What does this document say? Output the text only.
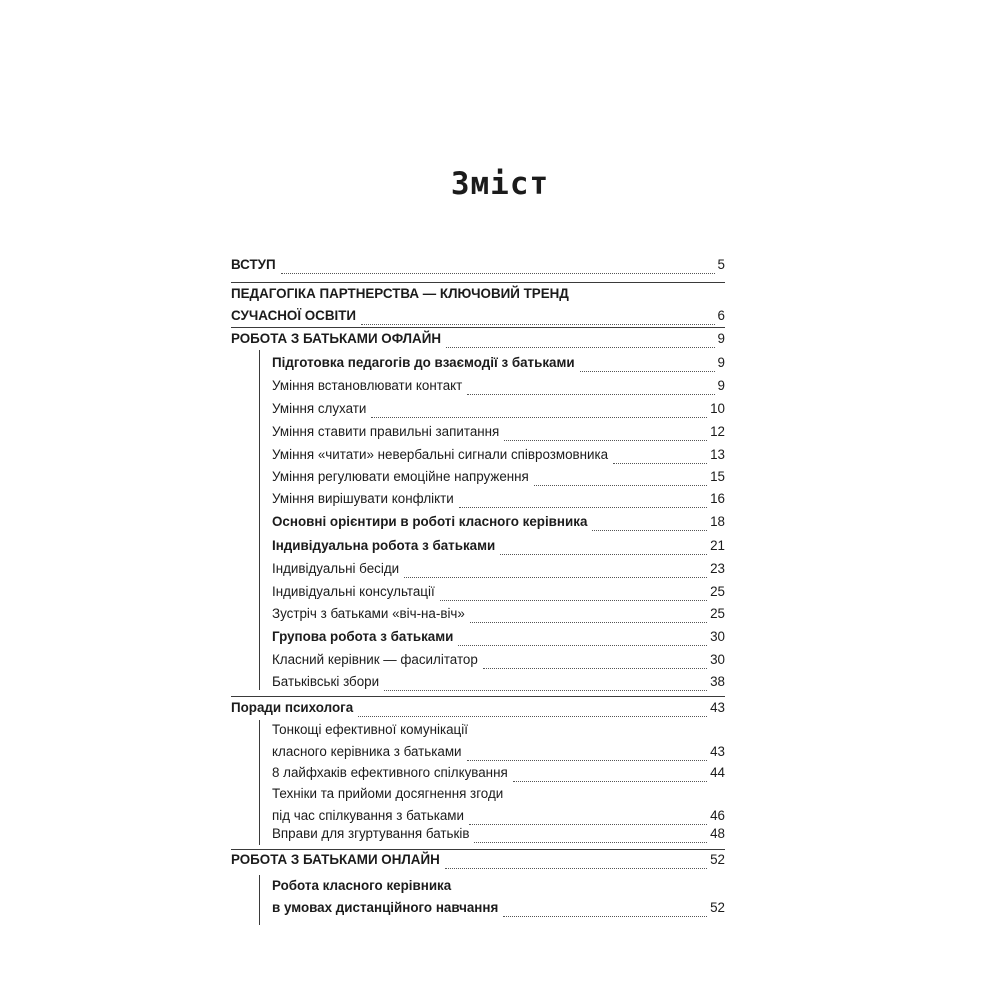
Зміст
ВСТУП	5
ПЕДАГОГІКА ПАРТНЕРСТВА — КЛЮЧОВИЙ ТРЕНД
СУЧАСНОЇ ОСВІТИ	6
РОБОТА З БАТЬКАМИ ОФЛАЙН	9
Підготовка педагогів до взаємодії з батьками	9
Уміння встановлювати контакт	9
Уміння слухати	10
Уміння ставити правильні запитання	12
Уміння «читати» невербальні сигнали співрозмовника	13
Уміння регулювати емоційне напруження	15
Уміння вирішувати конфлікти	16
Основні орієнтири в роботі класного керівника	18
Індивідуальна робота з батьками	21
Індивідуальні бесіди	23
Індивідуальні консультації	25
Зустріч з батьками «віч-на-віч»	25
Групова робота з батьками	30
Класний керівник — фасилітатор	30
Батьківські збори	38
Поради психолога	43
Тонкощі ефективної комунікації
класного керівника з батьками	43
8 лайфхаків ефективного спілкування	44
Техніки та прийоми досягнення згоди
під час спілкування з батьками	46
Вправи для згуртування батьків	48
РОБОТА З БАТЬКАМИ ОНЛАЙН	52
Робота класного керівника
в умовах дистанційного навчання	52
